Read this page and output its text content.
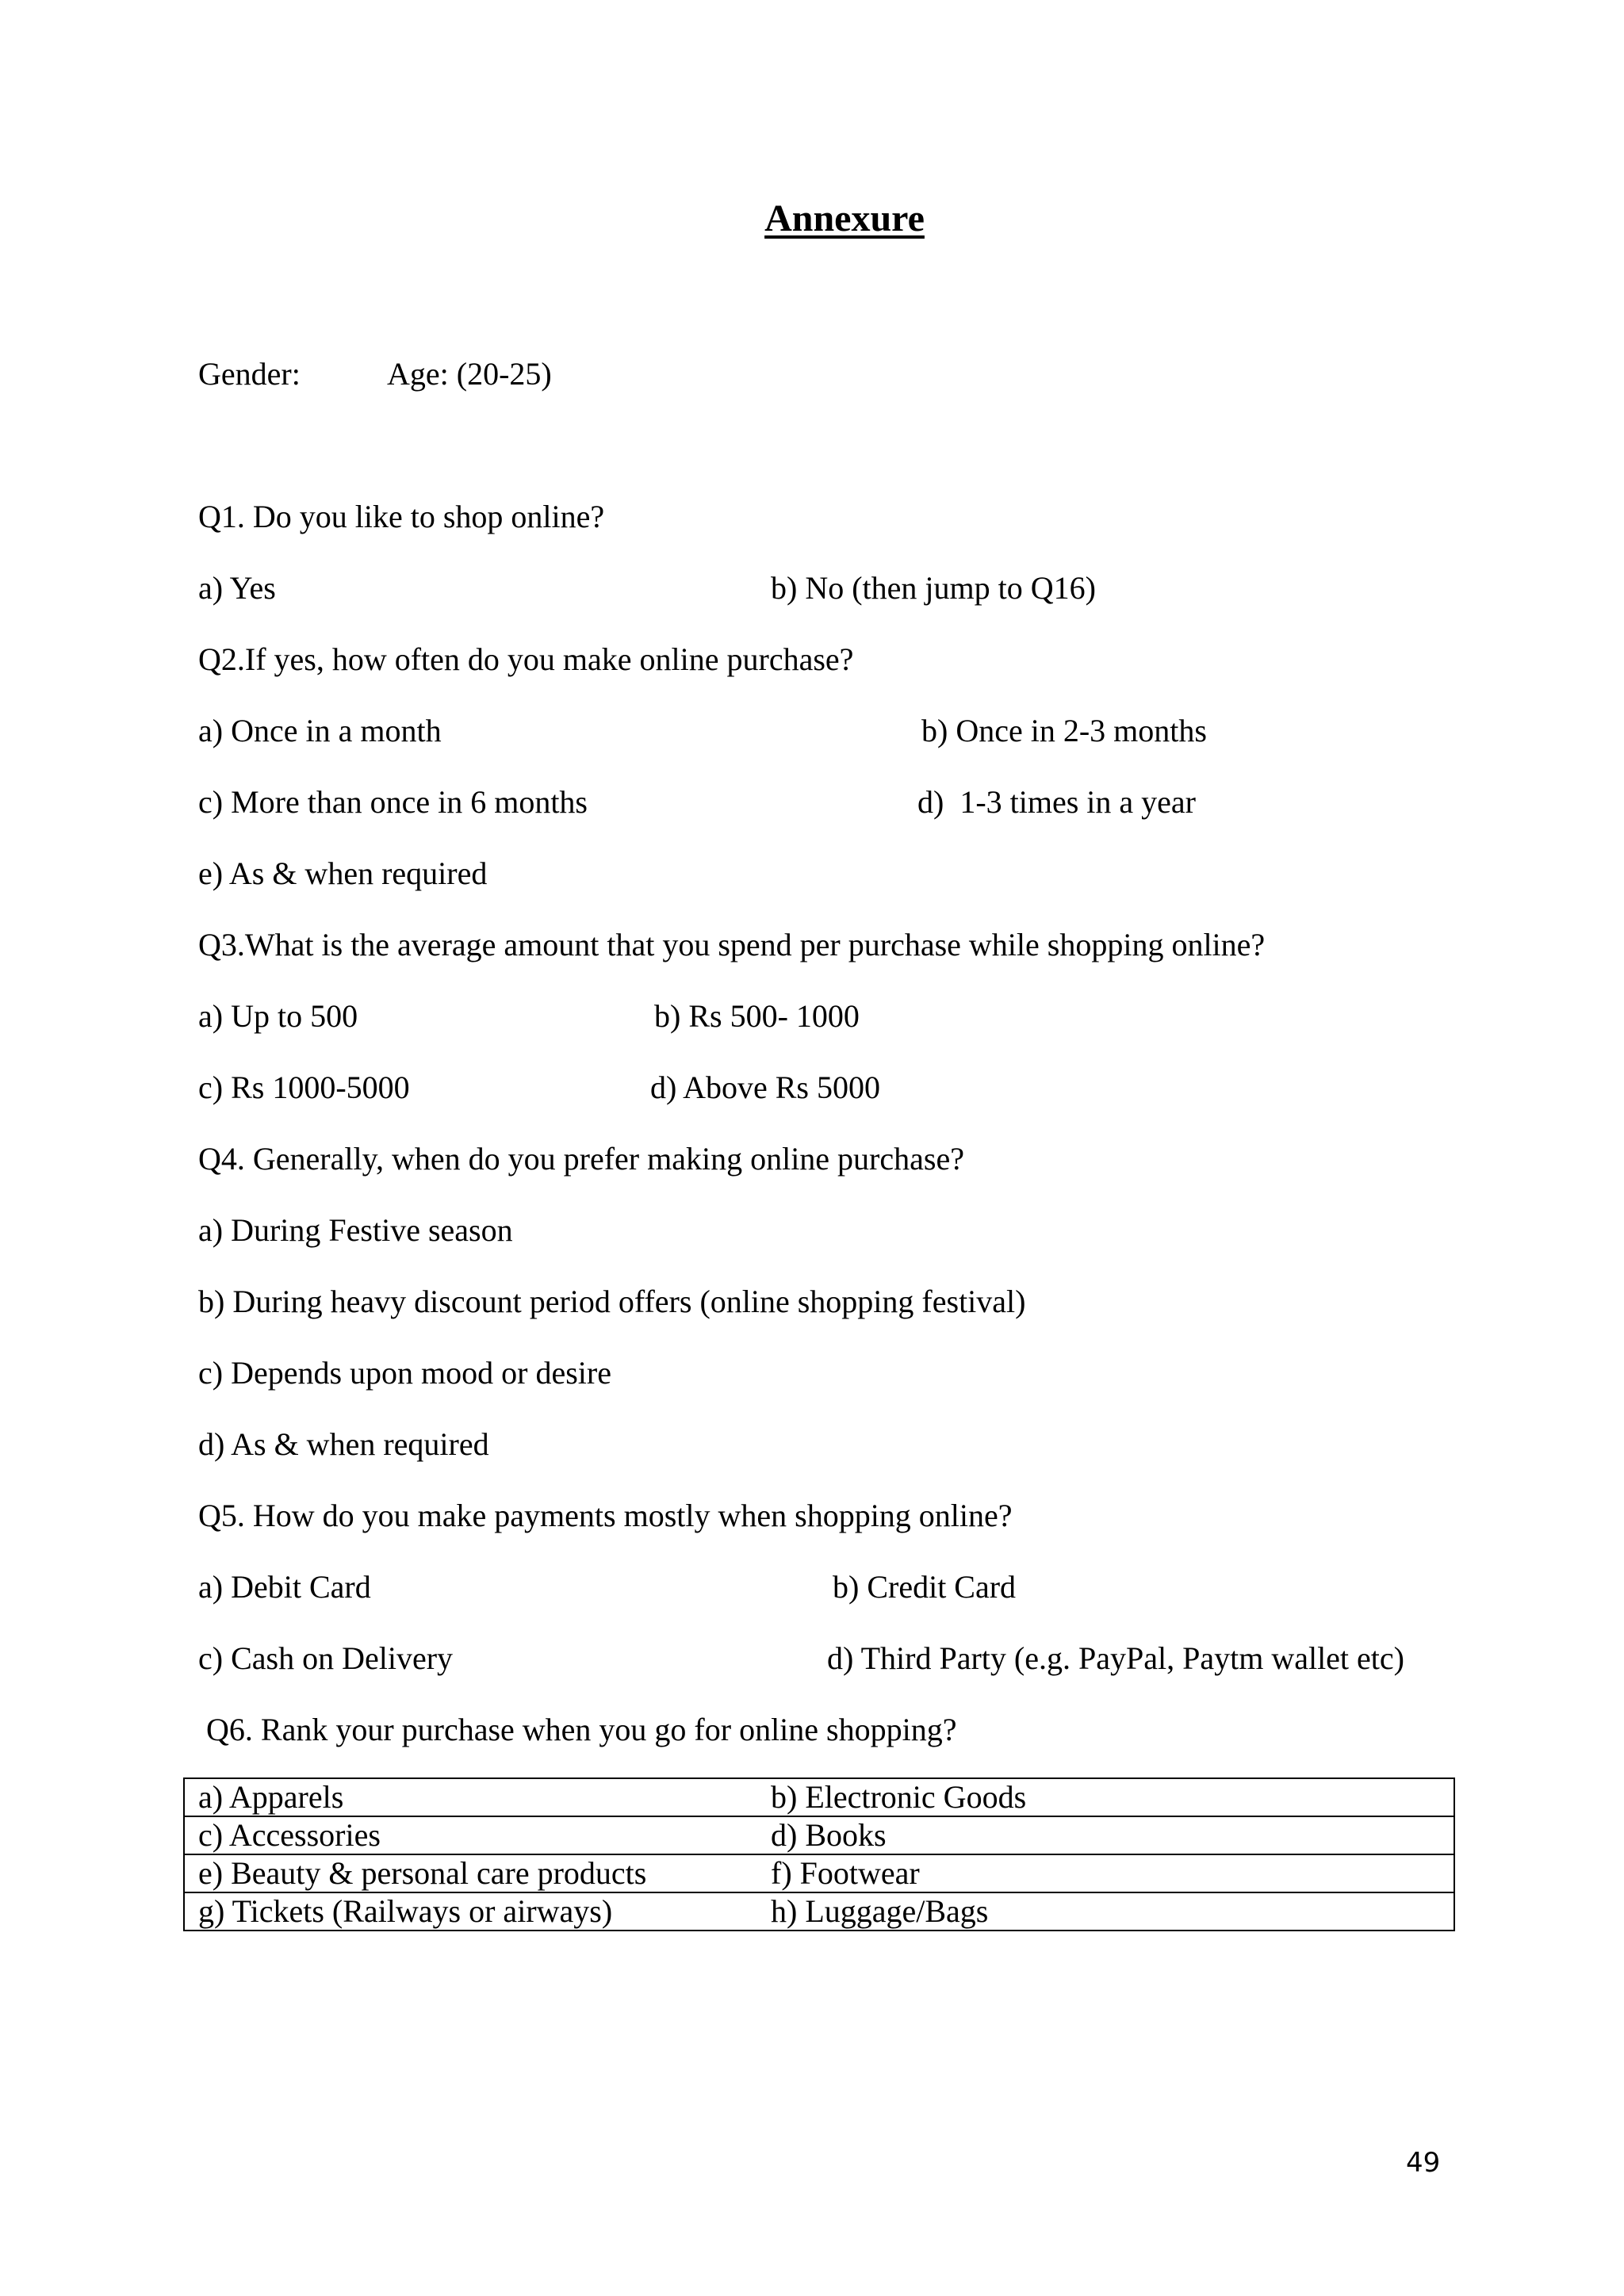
Annexure
Gender:	Age: (20-25)
Q1. Do you like to shop online?
a) Yes	b) No (then jump to Q16)
Q2.If yes, how often do you make online purchase?
a) Once in a month	b) Once in 2-3 months
c) More than once in 6 months	d)  1-3 times in a year
e) As & when required
Q3.What is the average amount that you spend per purchase while shopping online?
a) Up to 500	b) Rs 500- 1000
c) Rs 1000-5000	d) Above Rs 5000
Q4. Generally, when do you prefer making online purchase?
a) During Festive season
b) During heavy discount period offers (online shopping festival)
c) Depends upon mood or desire
d) As & when required
Q5. How do you make payments mostly when shopping online?
a) Debit Card	b) Credit Card
c) Cash on Delivery	d) Third Party (e.g. PayPal, Paytm wallet etc)
Q6. Rank your purchase when you go for online shopping?
a) Apparels	b) Electronic Goods
c) Accessories	d) Books
e) Beauty & personal care products	f) Footwear
g) Tickets (Railways or airways)	h) Luggage/Bags
49
